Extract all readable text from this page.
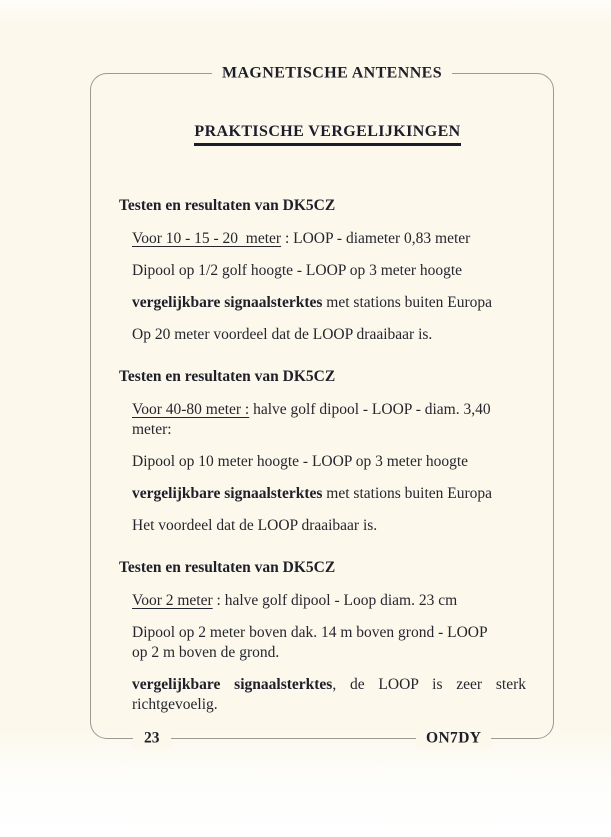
MAGNETISCHE ANTENNES
PRAKTISCHE VERGELIJKINGEN
Testen en resultaten van DK5CZ

Voor 10 - 15 - 20  meter : LOOP - diameter 0,83 meter

Dipool op 1/2 golf hoogte - LOOP op 3 meter hoogte

vergelijkbare signaalsterktes met stations buiten Europa

Op 20 meter voordeel dat de LOOP draaibaar is.

Testen en resultaten van DK5CZ

Voor 40-80 meter : halve golf dipool - LOOP - diam. 3,40 meter:

Dipool op 10 meter hoogte - LOOP op 3 meter hoogte

vergelijkbare signaalsterktes met stations buiten Europa

Het voordeel dat de LOOP draaibaar is.

Testen en resultaten van DK5CZ

Voor 2 meter : halve golf dipool - Loop diam. 23 cm

Dipool op 2 meter boven dak. 14 m boven grond - LOOP

op 2 m boven de grond.

vergelijkbare signaalsterktes, de LOOP is zeer sterk

richtgevoelig.

23	ON7DY
